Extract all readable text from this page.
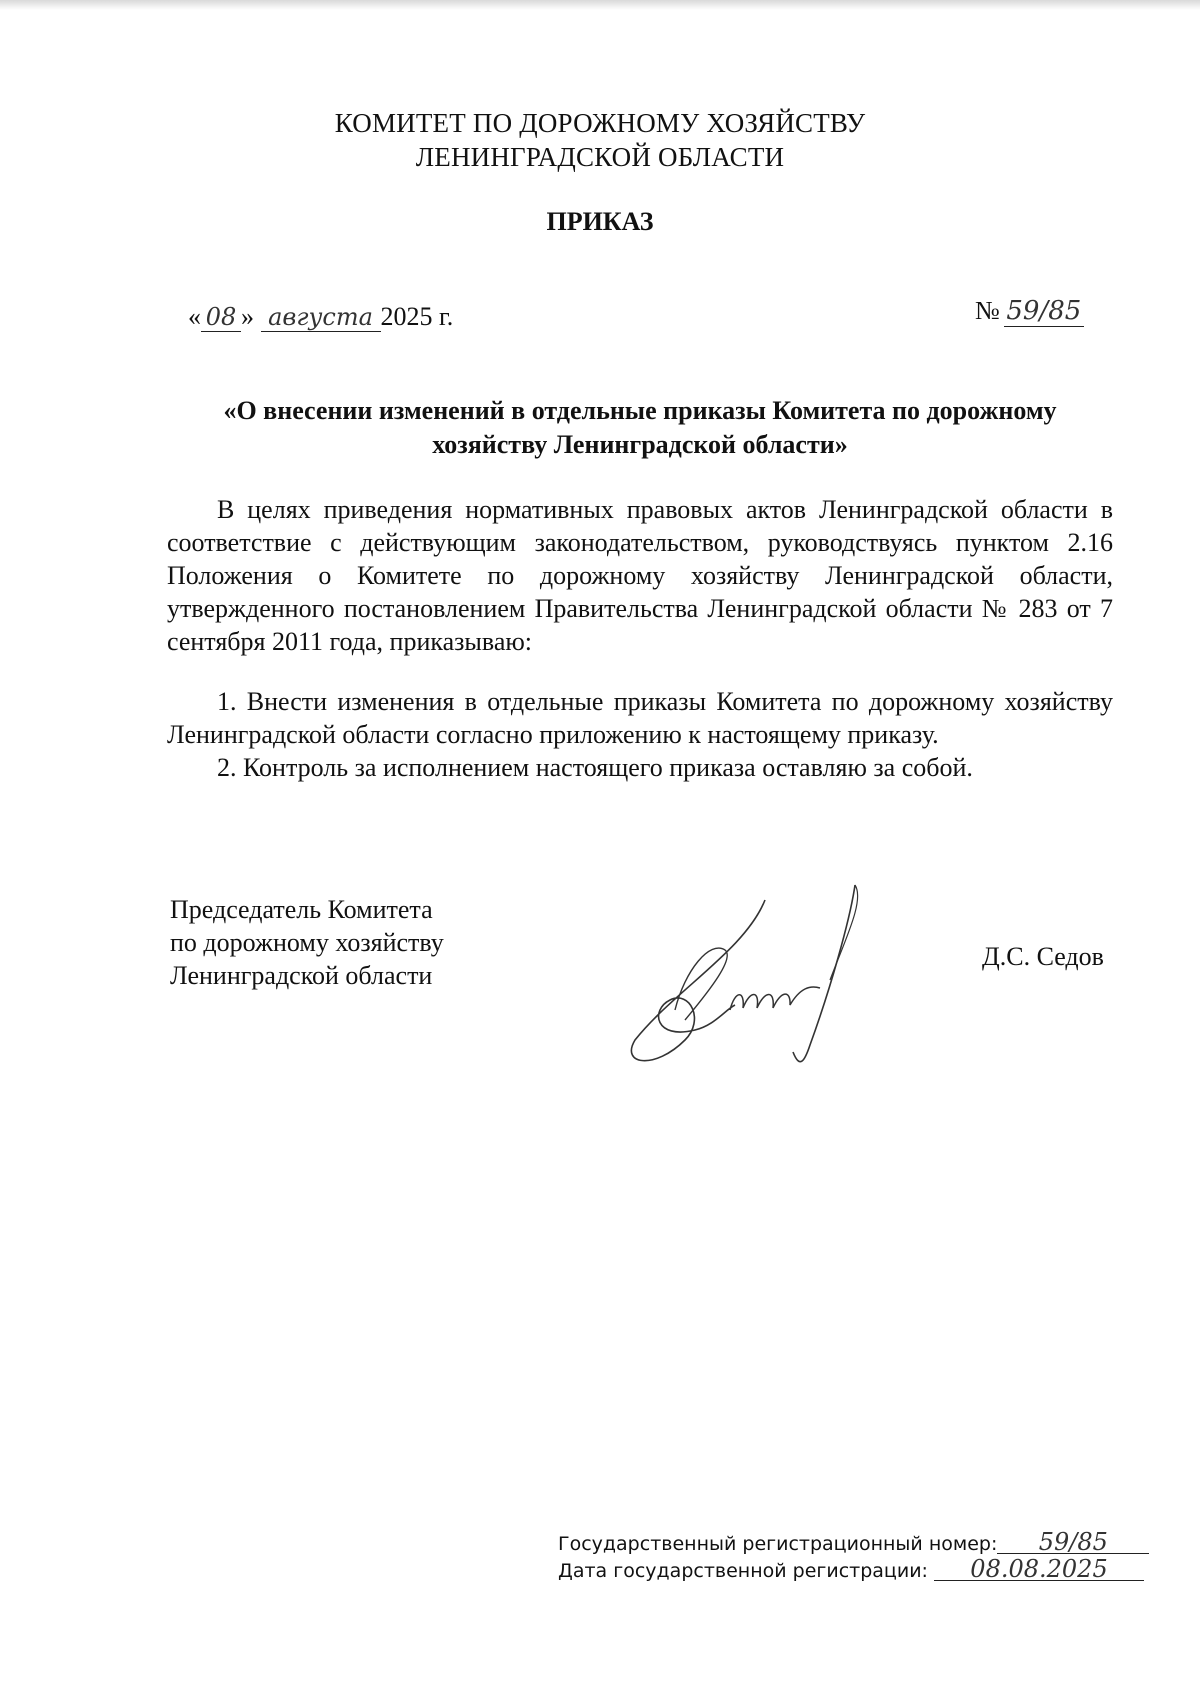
КОМИТЕТ ПО ДОРОЖНОМУ ХОЗЯЙСТВУ
ЛЕНИНГРАДСКОЙ ОБЛАСТИ
ПРИКАЗ
« 08 » августа 2025 г.	№ 59/85
«О внесении изменений в отдельные приказы Комитета по дорожному
хозяйству Ленинградской области»

В целях приведения нормативных правовых актов Ленинградской области в соответствие с действующим законодательством, руководствуясь пунктом 2.16 Положения о Комитете по дорожному хозяйству Ленинградской области, утвержденного постановлением Правительства Ленинградской области № 283 от 7 сентября 2011 года, приказываю:

1. Внести изменения в отдельные приказы Комитета по дорожному хозяйству Ленинградской области согласно приложению к настоящему приказу.

2. Контроль за исполнением настоящего приказа оставляю за собой.

Председатель Комитета
по дорожному хозяйству
Ленинградской области
Д.С. Седов
Государственный регистрационный номер: 59/85
Дата государственной регистрации: 08.08.2025
